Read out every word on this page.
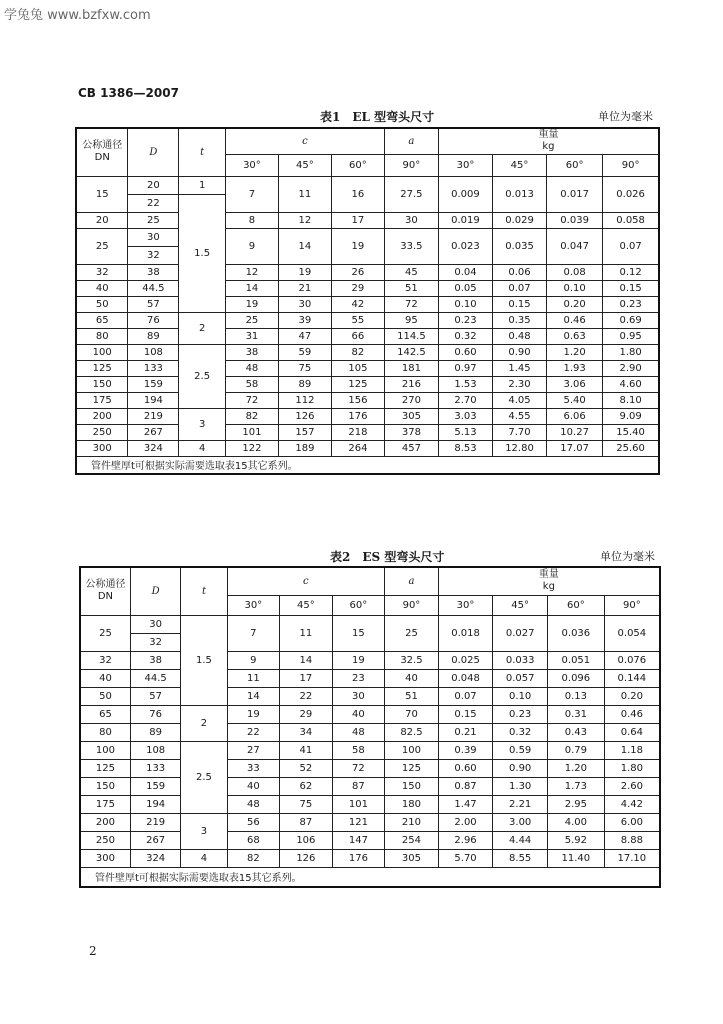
学兔兔 www.bzfxw.com
CB 1386—2007
表1　EL 型弯头尺寸	单位为毫米
公称通径DN	D	t	c			a	重量
kg			

			30°	45°	60°	90°	30°	45°	60°	90°
15	20	1	7	11	16	27.5	0.009	0.013	0.017	0.026
	22	1.5								
20	25		8	12	17	30	0.019	0.029	0.039	0.058
25	30		9	14	19	33.5	0.023	0.035	0.047	0.07
	32									
32	38		12	19	26	45	0.04	0.06	0.08	0.12
40	44.5		14	21	29	51	0.05	0.07	0.10	0.15
50	57		19	30	42	72	0.10	0.15	0.20	0.23
65	76	2	25	39	55	95	0.23	0.35	0.46	0.69
80	89		31	47	66	114.5	0.32	0.48	0.63	0.95
100	108	2.5	38	59	82	142.5	0.60	0.90	1.20	1.80
125	133		48	75	105	181	0.97	1.45	1.93	2.90
150	159		58	89	125	216	1.53	2.30	3.06	4.60
175	194		72	112	156	270	2.70	4.05	5.40	8.10
200	219	3	82	126	176	305	3.03	4.55	6.06	9.09
250	267		101	157	218	378	5.13	7.70	10.27	15.40
300	324	4	122	189	264	457	8.53	12.80	17.07	25.60
管件壁厚t可根据实际需要选取表15其它系列。										
表2　ES 型弯头尺寸	单位为毫米
公称通径DN	D	t	c			a	重量
kg			

			30°	45°	60°	90°	30°	45°	60°	90°
25	30	1.5	7	11	15	25	0.018	0.027	0.036	0.054
	32									
32	38		9	14	19	32.5	0.025	0.033	0.051	0.076
40	44.5		11	17	23	40	0.048	0.057	0.096	0.144
50	57		14	22	30	51	0.07	0.10	0.13	0.20
65	76	2	19	29	40	70	0.15	0.23	0.31	0.46
80	89		22	34	48	82.5	0.21	0.32	0.43	0.64
100	108	2.5	27	41	58	100	0.39	0.59	0.79	1.18
125	133		33	52	72	125	0.60	0.90	1.20	1.80
150	159		40	62	87	150	0.87	1.30	1.73	2.60
175	194		48	75	101	180	1.47	2.21	2.95	4.42
200	219	3	56	87	121	210	2.00	3.00	4.00	6.00
250	267		68	106	147	254	2.96	4.44	5.92	8.88
300	324	4	82	126	176	305	5.70	8.55	11.40	17.10
管件壁厚t可根据实际需要选取表15其它系列。										
2
